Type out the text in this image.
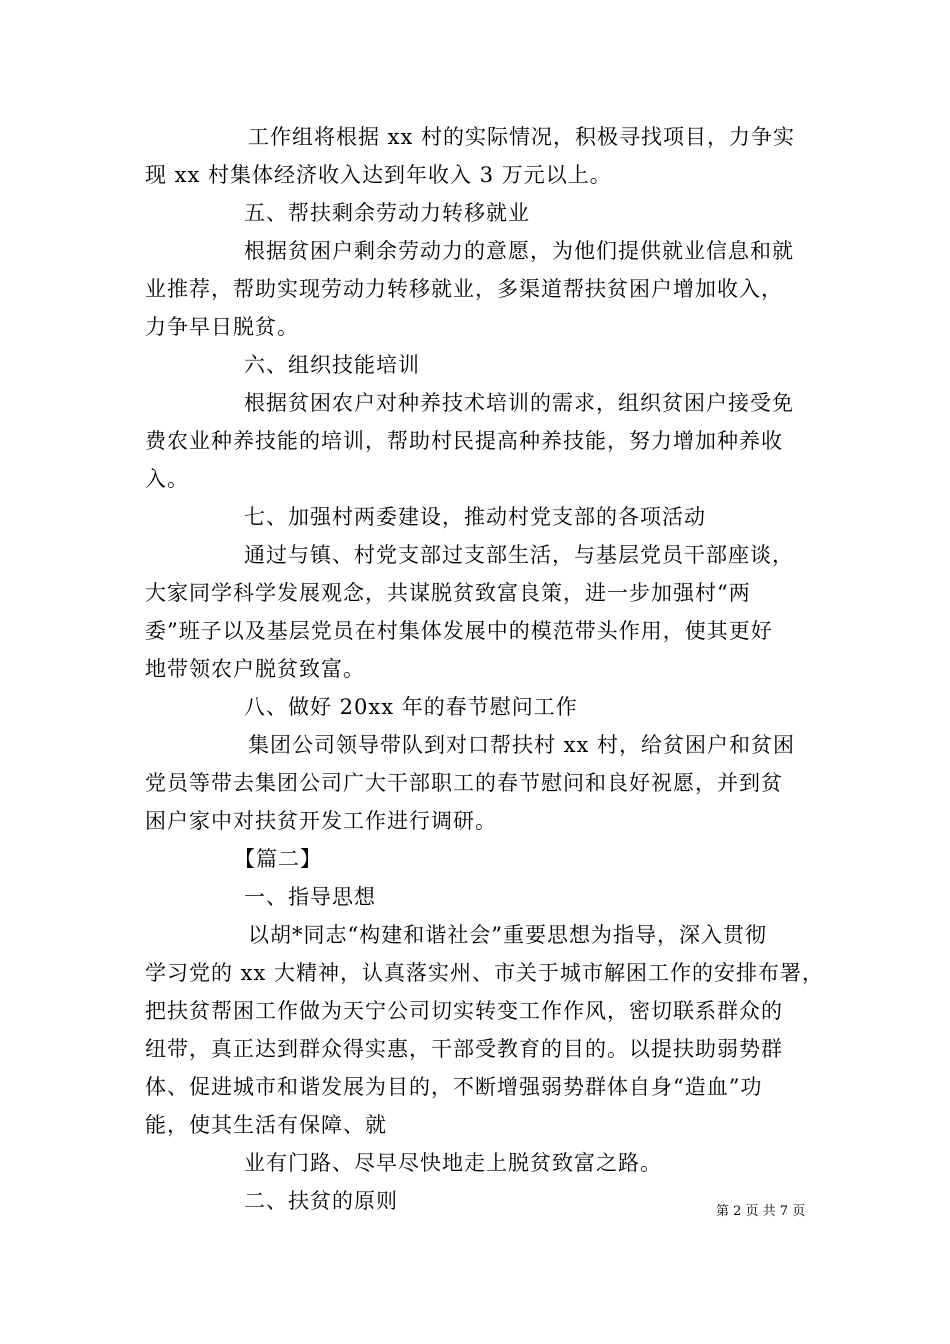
工作组将根据 xx 村的实际情况，积极寻找项目，力争实
现 xx 村集体经济收入达到年收入 3 万元以上。
五、帮扶剩余劳动力转移就业
根据贫困户剩余劳动力的意愿，为他们提供就业信息和就
业推荐，帮助实现劳动力转移就业，多渠道帮扶贫困户增加收入，
力争早日脱贫。
六、组织技能培训
根据贫困农户对种养技术培训的需求，组织贫困户接受免
费农业种养技能的培训，帮助村民提高种养技能，努力增加种养收
入。
七、加强村两委建设，推动村党支部的各项活动
通过与镇、村党支部过支部生活，与基层党员干部座谈，
大家同学科学发展观念，共谋脱贫致富良策，进一步加强村“两
委”班子以及基层党员在村集体发展中的模范带头作用，使其更好
地带领农户脱贫致富。
八、做好 20xx 年的春节慰问工作
集团公司领导带队到对口帮扶村 xx 村，给贫困户和贫困
党员等带去集团公司广大干部职工的春节慰问和良好祝愿，并到贫
困户家中对扶贫开发工作进行调研。
【篇二】
一、指导思想
以胡*同志“构建和谐社会”重要思想为指导，深入贯彻
学习党的 xx 大精神，认真落实州、市关于城市解困工作的安排布署，
把扶贫帮困工作做为天宁公司切实转变工作作风，密切联系群众的
纽带，真正达到群众得实惠，干部受教育的目的。以提扶助弱势群
体、促进城市和谐发展为目的，不断增强弱势群体自身“造血”功
能，使其生活有保障、就
业有门路、尽早尽快地走上脱贫致富之路。
二、扶贫的原则	第 2 页 共 7 页
